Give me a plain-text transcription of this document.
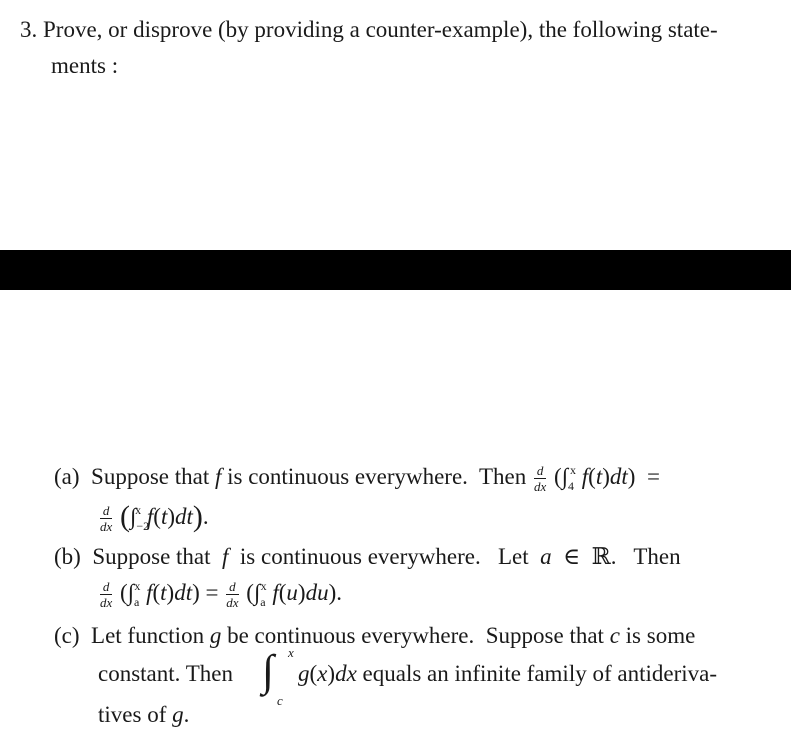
3. Prove, or disprove (by providing a counter-example), the following state-
ments :
(a)  Suppose that f is continuous everywhere.  Then $\frac{d}{dx} (\int_4^x$ f(t)dt)  =
$\frac{d}{dx} (\int_{-2}^x$ f(t)dt).
(b)  Suppose that  f  is continuous everywhere.   Let  a  ∈  ℝ.   Then
$\frac{d}{dx} (\int_a^x$ $f(t)dt) = \frac{d}{dx} (\int_a^x$ f(u)du).
(c)  Let function g be continuous everywhere.  Suppose that c is some
constant. Then ∫ x
c
g(x)dx equals an infinite family of antideriva-
tives of g.
